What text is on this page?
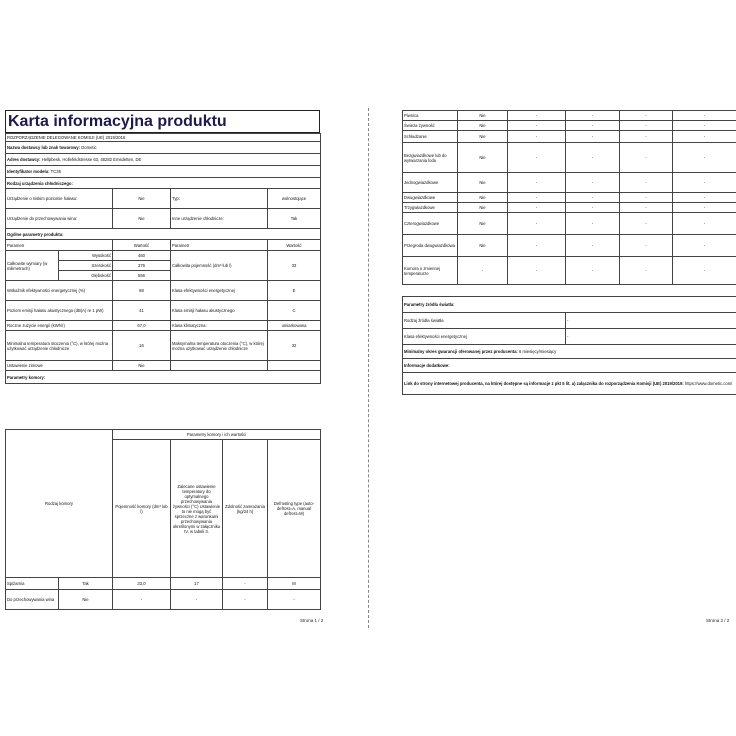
Karta informacyjna produktu
ROZPORZĄDZENIE DELEGOWANE KOMISJI (UE) 2019/2016				
Nazwa dostawcy lub znak towarowy: Dometic				
Adres dostawcy: Hellpbesk, Hollefeldstresse 63, 48282 Emsdetten, DE				
Identyfikator modelu: TC35				
Rodzaj urządzenia chłodniczego:				
Urządzenie o niskim poziomie hałasu:		Nie	Typ:	wolnostojące
Urządzenie do przechowywania wina:		Nie	Inne urządzenie chłodnicze:	Tak
Ogólne parametry produktu:				
Parametr		Wartość	Parametr	Wartość
Całkowite wymiary (w milimetrach)	Wysokość	460	Całkowita pojemność (dm³ lub l)	33
	Szerokość	376		
	Głębokość	556		
Wskaźnik efektywności energetycznej (%)		88	Klasa efektywności energetycznej	E
Poziom emisji hałasu akustycznego (dB(A) re 1 pW)		41	Klasa emisji hałasu akustycznego	C
Roczne zużycie energii (kWh/r)		67,0	Klasa klimatyczna:	umiarkowana
Minimalna temperatura otoczenia (°C), w której można użytkować urządzenie chłodnicze		16	Maksymalna temperatura otoczenia (°C), w której można użytkować urządzenie chłodnicze	32
Ustawienie zimowe		Nie		
Parametry komory:				
Rodzaj komory		Parametry komory i ich wartości			
		Pojemność komory (dm³ lub l)	Zalecane ustawienie temperatury do optymalnego przechowywania żywności (°C) Ustawienie to nie mogą być sprzeczne z warunkami przechowywania określonymi w załączniku IV, w tabeli 3.	Zdolność zamrażania (kg/24 h)	Defrosting type (auto-defrost=A, manual defrost=M)
Spiżarnia	Tak	33,0	17	-	M
Do przechowywania wina	Nie	-	-	-	-
Strona 1 / 2
Piwnica	Nie	-	-	-	-
Świeża żywność	Nie	-	-	-	-
Schładzanie	Nie	-	-	-	-
Bezgwiazdkowe lub do wytwarzania lodu	Nie	-	-	-	-
Jednogwiazdkowe	Nie	-	-	-	-
Dwugwiazdkowe	Nie	-	-	-	-
Trzygwiazdkowe	Nie	-	-	-	-
Czterogwiazdkowe	Nie	-	-	-	-
Przegroda dwugwiazdkowa	Nie	-	-	-	-
Komora o zmiennej temperaturze	-	-	-	-	-
Parametry źródła światła:	
Rodzaj źródła światła	-
Klasa efektywności energetycznej	-
Minimalny okres gwarancji oferowanej przez producenta: 6 miesięcy/miesiący	
Informacje dodatkowe:	
Link do strony internetowej producenta, na której dostępne są informacje z pkt 5 lit. a) załącznika do rozporządzenia Komisji (UE) 2019/2019: https://www.dometic.com/	
Strona 2 / 2
